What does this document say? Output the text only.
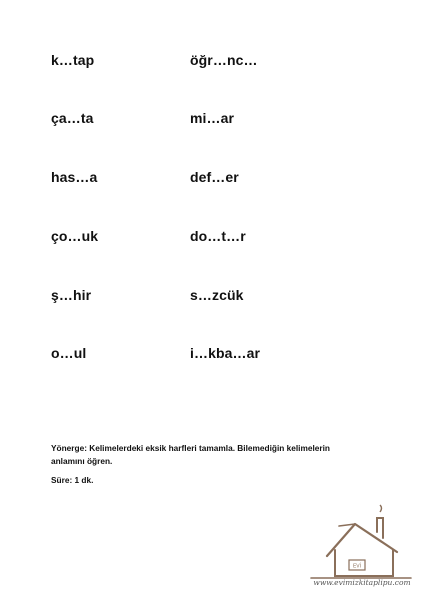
k…tap	öğr…nc…
ça…ta	mi…ar
has…a	def…er
ço…uk	do…t…r
ş…hir	s…zcük
o…ul	i…kba…ar
Yönerge: Kelimelerdeki eksik harfleri tamamla. Bilemediğin kelimelerin anlamını öğren.
Süre: 1 dk.
EVİ
www.evimizkitaplipu.com
